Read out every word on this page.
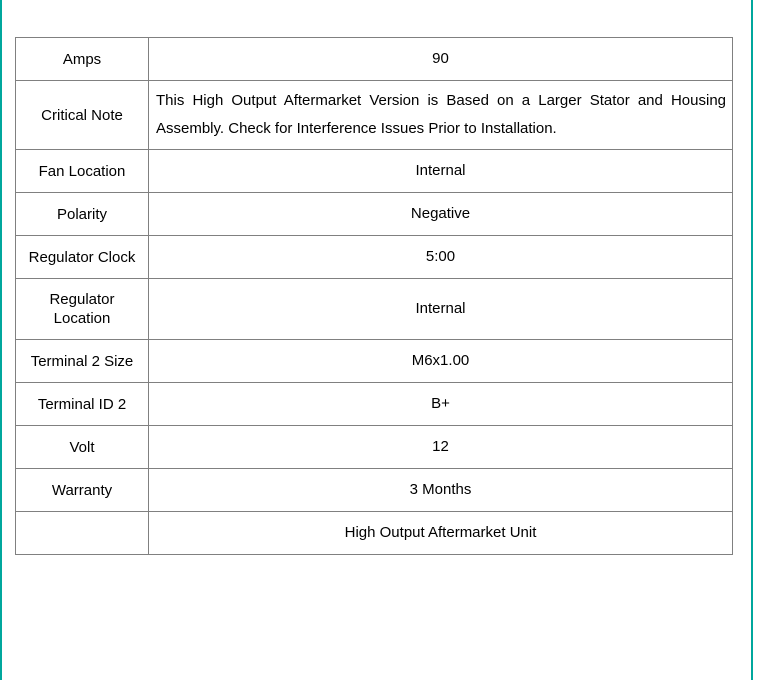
Amps	90
Critical Note	This High Output Aftermarket Version is Based on a Larger Stator and Housing Assembly. Check for Interference Issues Prior to Installation.
Fan Location	Internal
Polarity	Negative
Regulator Clock	5:00
Regulator Location	Internal
Terminal 2 Size	M6x1.00
Terminal ID 2	B+
Volt	12
Warranty	3 Months
	High Output Aftermarket Unit
